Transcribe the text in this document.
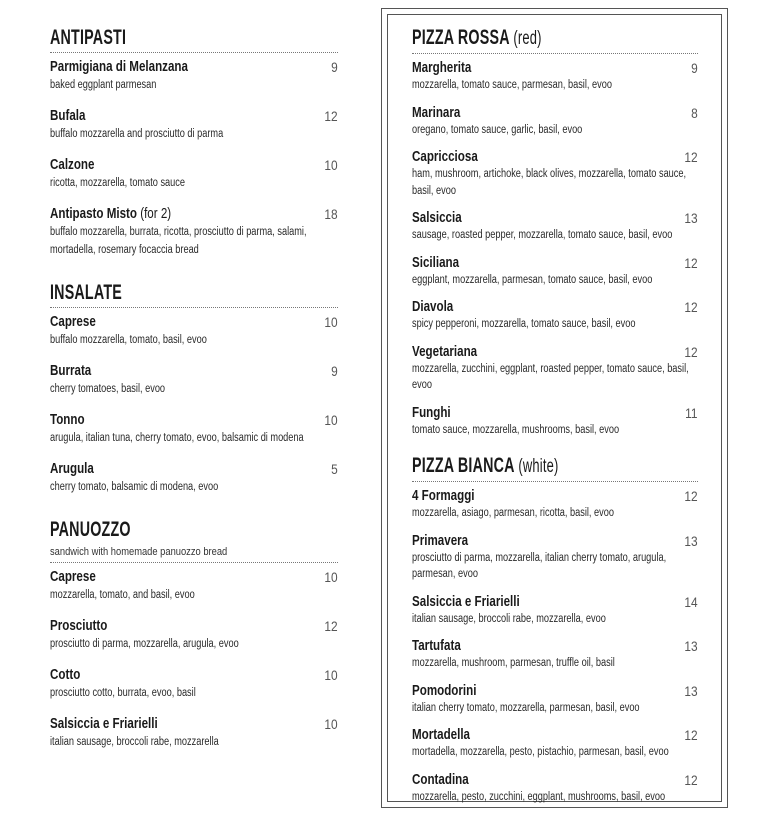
ANTIPASTI
Parmigiana di Melanzana	9
baked eggplant parmesan
Bufala	12
buffalo mozzarella and prosciutto di parma
Calzone	10
ricotta, mozzarella, tomato sauce
Antipasto Misto (for 2)	18
buffalo mozzarella, burrata, ricotta, prosciutto di parma, salami, mortadella, rosemary focaccia bread
INSALATE
Caprese	10
buffalo mozzarella, tomato, basil, evoo
Burrata	9
cherry tomatoes, basil, evoo
Tonno	10
arugula, italian tuna, cherry tomato, evoo, balsamic di modena
Arugula	5
cherry tomato, balsamic di modena, evoo
PANUOZZO
sandwich with homemade panuozzo bread
Caprese	10
mozzarella, tomato, and basil, evoo
Prosciutto	12
prosciutto di parma, mozzarella, arugula, evoo
Cotto	10
prosciutto cotto, burrata, evoo, basil
Salsiccia e Friarielli	10
italian sausage, broccoli rabe, mozzarella
PIZZA ROSSA (red)
Margherita	9
mozzarella, tomato sauce, parmesan, basil, evoo
Marinara	8
oregano, tomato sauce, garlic, basil, evoo
Capricciosa	12
ham, mushroom, artichoke, black olives, mozzarella, tomato sauce, basil, evoo
Salsiccia	13
sausage, roasted pepper, mozzarella, tomato sauce, basil, evoo
Siciliana	12
eggplant, mozzarella, parmesan, tomato sauce, basil, evoo
Diavola	12
spicy pepperoni, mozzarella, tomato sauce, basil, evoo
Vegetariana	12
mozzarella, zucchini, eggplant, roasted pepper, tomato sauce, basil, evoo
Funghi	11
tomato sauce, mozzarella, mushrooms, basil, evoo
PIZZA BIANCA (white)
4 Formaggi	12
mozzarella, asiago, parmesan, ricotta, basil, evoo
Primavera	13
prosciutto di parma, mozzarella, italian cherry tomato, arugula, parmesan, evoo
Salsiccia e Friarielli	14
italian sausage, broccoli rabe, mozzarella, evoo
Tartufata	13
mozzarella, mushroom, parmesan, truffle oil, basil
Pomodorini	13
italian cherry tomato, mozzarella, parmesan, basil, evoo
Mortadella	12
mortadella, mozzarella, pesto, pistachio, parmesan, basil, evoo
Contadina	12
mozzarella, pesto, zucchini, eggplant, mushrooms, basil, evoo
